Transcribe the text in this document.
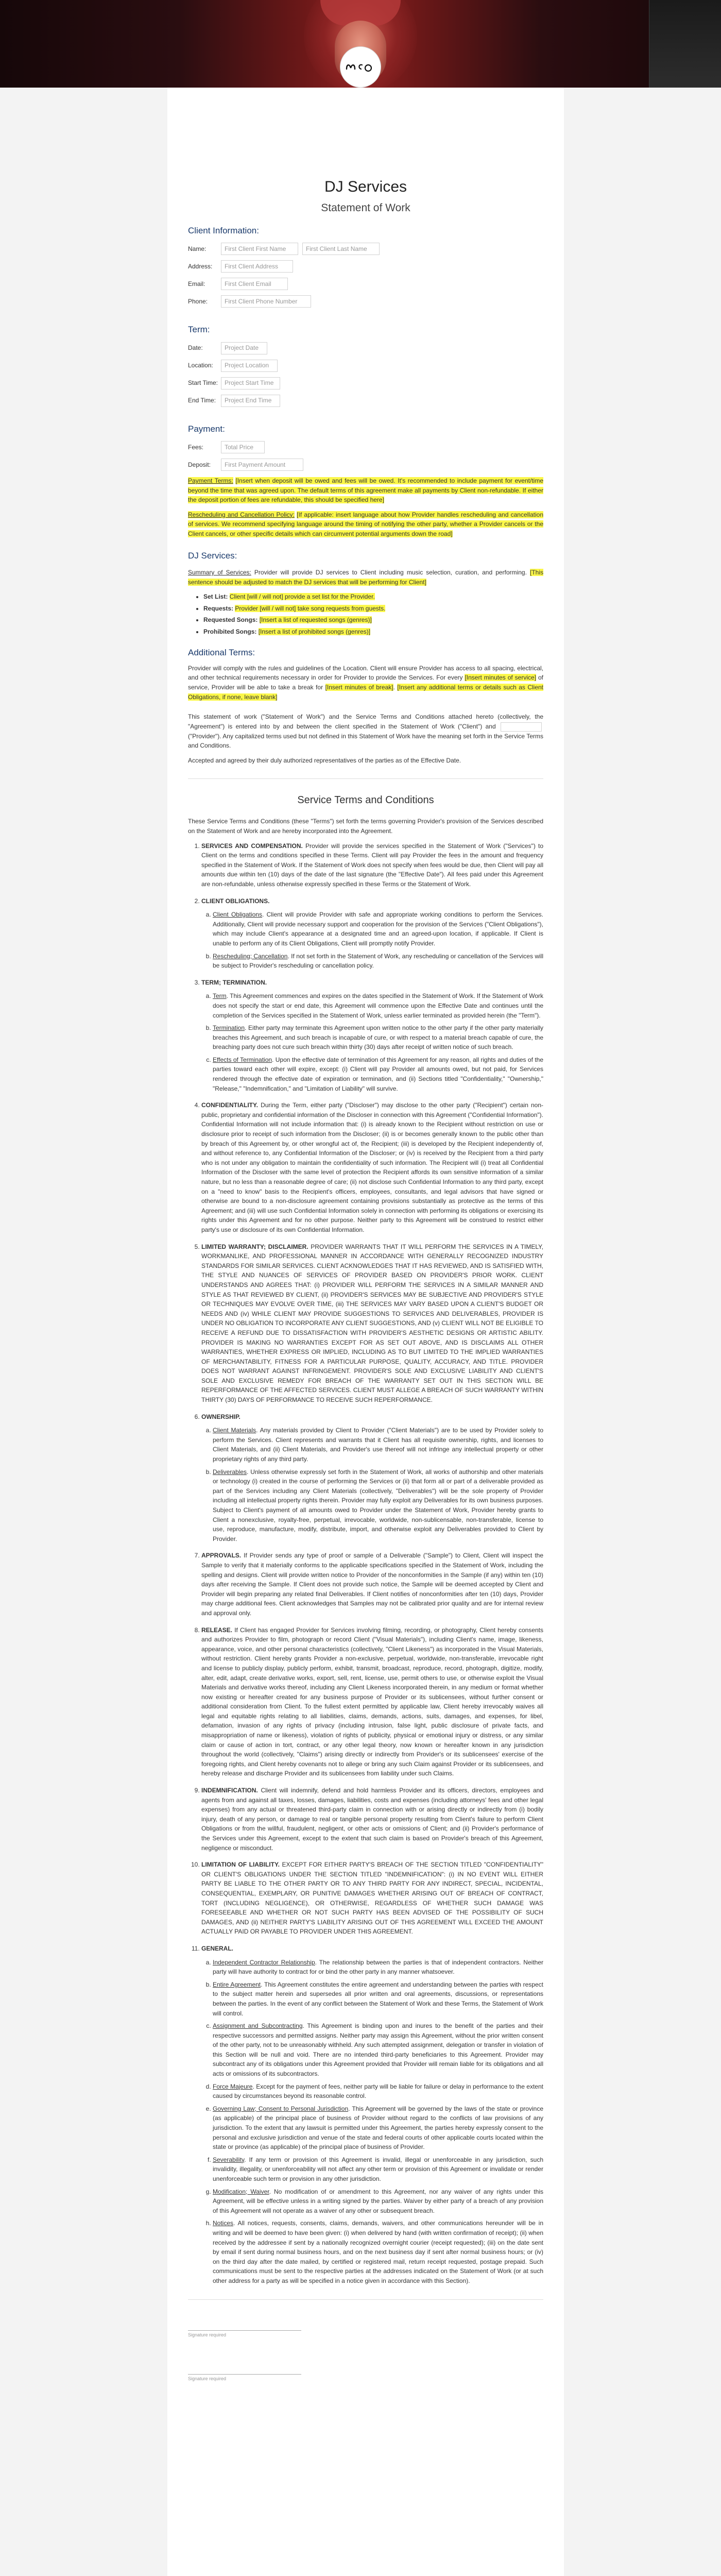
DJ Services
Statement of Work
Client Information:
Name:	First Client First Name	First Client Last Name
Address:	First Client Address
Email:	First Client Email
Phone:	First Client Phone Number
Term:
Date:	Project Date
Location:	Project Location
Start Time:	Project Start Time
End Time:	Project End Time
Payment:
Fees:	Total Price
Deposit:	First Payment Amount

Payment Terms: [Insert when deposit will be owed and fees will be owed. It's recommended to include payment for event/time beyond the time that was agreed upon. The default terms of this agreement make all payments by Client non-refundable. If either the deposit portion of fees are refundable, this should be specified here]

Rescheduling and Cancellation Policy: [If applicable: insert language about how Provider handles rescheduling and cancellation of services. We recommend specifying language around the timing of notifying the other party, whether a Provider cancels or the Client cancels, or other specific details which can circumvent potential arguments down the road]

DJ Services:

Summary of Services: Provider will provide DJ services to Client including music selection, curation, and performing. [This sentence should be adjusted to match the DJ services that will be performing for Client]

• Set List: Client [will / will not] provide a set list for the Provider.
• Requests: Provider [will / will not] take song requests from guests.
• Requested Songs: [Insert a list of requested songs (genres)]
• Prohibited Songs: [Insert a list of prohibited songs (genres)]
Additional Terms:

Provider will comply with the rules and guidelines of the Location. Client will ensure Provider has access to all spacing, electrical, and other technical requirements necessary in order for Provider to provide the Services. For every [Insert minutes of service] of service, Provider will be able to take a break for [Insert minutes of break]. [Insert any additional terms or details such as Client Obligations, if none, leave blank]

This statement of work ("Statement of Work") and the Service Terms and Conditions attached hereto (collectively, the "Agreement") is entered into by and between the client specified in the Statement of Work ("Client") and  ("Provider"). Any capitalized terms used but not defined in this Statement of Work have the meaning set forth in the Service Terms and Conditions.

Accepted and agreed by their duly authorized representatives of the parties as of the Effective Date.

Service Terms and Conditions

These Service Terms and Conditions (these "Terms") set forth the terms governing Provider's provision of the Services described on the Statement of Work and are hereby incorporated into the Agreement.

1. SERVICES AND COMPENSATION. Provider will provide the services specified in the Statement of Work ("Services") to Client on the terms and conditions specified in these Terms. Client will pay Provider the fees in the amount and frequency specified in the Statement of Work. If the Statement of Work does not specify when fees would be due, then Client will pay all amounts due within ten (10) days of the date of the last signature (the "Effective Date"). All fees paid under this Agreement are non-refundable, unless otherwise expressly specified in these Terms or the Statement of Work.
2. CLIENT OBLIGATIONS.
a. Client Obligations. Client will provide Provider with safe and appropriate working conditions to perform the Services. Additionally, Client will provide necessary support and cooperation for the provision of the Services ("Client Obligations"), which may include Client's appearance at a designated time and an agreed-upon location, if applicable. If Client is unable to perform any of its Client Obligations, Client will promptly notify Provider.
b. Rescheduling; Cancellation. If not set forth in the Statement of Work, any rescheduling or cancellation of the Services will be subject to Provider's rescheduling or cancellation policy.
3. TERM; TERMINATION.
a. Term. This Agreement commences and expires on the dates specified in the Statement of Work. If the Statement of Work does not specify the start or end date, this Agreement will commence upon the Effective Date and continues until the completion of the Services specified in the Statement of Work, unless earlier terminated as provided herein (the "Term").
b. Termination. Either party may terminate this Agreement upon written notice to the other party if the other party materially breaches this Agreement, and such breach is incapable of cure, or with respect to a material breach capable of cure, the breaching party does not cure such breach within thirty (30) days after receipt of written notice of such breach.
c. Effects of Termination. Upon the effective date of termination of this Agreement for any reason, all rights and duties of the parties toward each other will expire, except: (i) Client will pay Provider all amounts owed, but not paid, for Services rendered through the effective date of expiration or termination, and (ii) Sections titled "Confidentiality," "Ownership," "Release," "Indemnification," and "Limitation of Liability" will survive.
4. CONFIDENTIALITY. During the Term, either party ("Discloser") may disclose to the other party ("Recipient") certain non-public, proprietary and confidential information of the Discloser in connection with this Agreement ("Confidential Information"). Confidential Information will not include information that: (i) is already known to the Recipient without restriction on use or disclosure prior to receipt of such information from the Discloser; (ii) is or becomes generally known to the public other than by breach of this Agreement by, or other wrongful act of, the Recipient; (iii) is developed by the Recipient independently of, and without reference to, any Confidential Information of the Discloser; or (iv) is received by the Recipient from a third party who is not under any obligation to maintain the confidentiality of such information. The Recipient will (i) treat all Confidential Information of the Discloser with the same level of protection the Recipient affords its own sensitive information of a similar nature, but no less than a reasonable degree of care; (ii) not disclose such Confidential Information to any third party, except on a "need to know" basis to the Recipient's officers, employees, consultants, and legal advisors that have signed or otherwise are bound to a non-disclosure agreement containing provisions substantially as protective as the terms of this Agreement; and (iii) will use such Confidential Information solely in connection with performing its obligations or exercising its rights under this Agreement and for no other purpose. Neither party to this Agreement will be construed to restrict either party's use or disclosure of its own Confidential Information.
5. LIMITED WARRANTY; DISCLAIMER. PROVIDER WARRANTS THAT IT WILL PERFORM THE SERVICES IN A TIMELY, WORKMANLIKE, AND PROFESSIONAL MANNER IN ACCORDANCE WITH GENERALLY RECOGNIZED INDUSTRY STANDARDS FOR SIMILAR SERVICES. CLIENT ACKNOWLEDGES THAT IT HAS REVIEWED, AND IS SATISFIED WITH, THE STYLE AND NUANCES OF SERVICES OF PROVIDER BASED ON PROVIDER'S PRIOR WORK. CLIENT UNDERSTANDS AND AGREES THAT: (i) PROVIDER WILL PERFORM THE SERVICES IN A SIMILAR MANNER AND STYLE AS THAT REVIEWED BY CLIENT, (ii) PROVIDER'S SERVICES MAY BE SUBJECTIVE AND PROVIDER'S STYLE OR TECHNIQUES MAY EVOLVE OVER TIME, (iii) THE SERVICES MAY VARY BASED UPON A CLIENT'S BUDGET OR NEEDS AND (iv) WHILE CLIENT MAY PROVIDE SUGGESTIONS TO SERVICES AND DELIVERABLES, PROVIDER IS UNDER NO OBLIGATION TO INCORPORATE ANY CLIENT SUGGESTIONS, AND (v) CLIENT WILL NOT BE ELIGIBLE TO RECEIVE A REFUND DUE TO DISSATISFACTION WITH PROVIDER'S AESTHETIC DESIGNS OR ARTISTIC ABILITY. PROVIDER IS MAKING NO WARRANTIES EXCEPT FOR AS SET OUT ABOVE, AND IS DISCLAIMS ALL OTHER WARRANTIES, WHETHER EXPRESS OR IMPLIED, INCLUDING AS TO BUT LIMITED TO THE IMPLIED WARRANTIES OF MERCHANTABILITY, FITNESS FOR A PARTICULAR PURPOSE, QUALITY, ACCURACY, AND TITLE. PROVIDER DOES NOT WARRANT AGAINST INFRINGEMENT. PROVIDER'S SOLE AND EXCLUSIVE LIABILITY AND CLIENT'S SOLE AND EXCLUSIVE REMEDY FOR BREACH OF THE WARRANTY SET OUT IN THIS SECTION WILL BE REPERFORMANCE OF THE AFFECTED SERVICES. CLIENT MUST ALLEGE A BREACH OF SUCH WARRANTY WITHIN THIRTY (30) DAYS OF PERFORMANCE TO RECEIVE SUCH REPERFORMANCE.
6. OWNERSHIP.
a. Client Materials. Any materials provided by Client to Provider ("Client Materials") are to be used by Provider solely to perform the Services. Client represents and warrants that it Client has all requisite ownership, rights, and licenses to Client Materials, and (ii) Client Materials, and Provider's use thereof will not infringe any intellectual property or other proprietary rights of any third party.
b. Deliverables. Unless otherwise expressly set forth in the Statement of Work, all works of authorship and other materials or technology (i) created in the course of performing the Services or (ii) that form all or part of a deliverable provided as part of the Services including any Client Materials (collectively, "Deliverables") will be the sole property of Provider including all intellectual property rights therein. Provider may fully exploit any Deliverables for its own business purposes. Subject to Client's payment of all amounts owed to Provider under the Statement of Work, Provider hereby grants to Client a nonexclusive, royalty-free, perpetual, irrevocable, worldwide, non-sublicensable, non-transferable, license to use, reproduce, manufacture, modify, distribute, import, and otherwise exploit any Deliverables provided to Client by Provider.
7. APPROVALS. If Provider sends any type of proof or sample of a Deliverable ("Sample") to Client, Client will inspect the Sample to verify that it materially conforms to the applicable specifications specified in the Statement of Work, including the spelling and designs. Client will provide written notice to Provider of the nonconformities in the Sample (if any) within ten (10) days after receiving the Sample. If Client does not provide such notice, the Sample will be deemed accepted by Client and Provider will begin preparing any related final Deliverables. If Client notifies of nonconformities after ten (10) days, Provider may charge additional fees. Client acknowledges that Samples may not be calibrated prior quality and are for internal review and approval only.
8. RELEASE. If Client has engaged Provider for Services involving filming, recording, or photography, Client hereby consents and authorizes Provider to film, photograph or record Client ("Visual Materials"), including Client's name, image, likeness, appearance, voice, and other personal characteristics (collectively, "Client Likeness") as incorporated in the Visual Materials, without restriction. Client hereby grants Provider a non-exclusive, perpetual, worldwide, non-transferable, irrevocable right and license to publicly display, publicly perform, exhibit, transmit, broadcast, reproduce, record, photograph, digitize, modify, alter, edit, adapt, create derivative works, export, sell, rent, license, use, permit others to use, or otherwise exploit the Visual Materials and derivative works thereof, including any Client Likeness incorporated therein, in any medium or format whether now existing or hereafter created for any business purpose of Provider or its sublicensees, without further consent or additional consideration from Client. To the fullest extent permitted by applicable law, Client hereby irrevocably waives all legal and equitable rights relating to all liabilities, claims, demands, actions, suits, damages, and expenses, for libel, defamation, invasion of any rights of privacy (including intrusion, false light, public disclosure of private facts, and misappropriation of name or likeness), violation of rights of publicity, physical or emotional injury or distress, or any similar claim or cause of action in tort, contract, or any other legal theory, now known or hereafter known in any jurisdiction throughout the world (collectively, "Claims") arising directly or indirectly from Provider's or its sublicensees' exercise of the foregoing rights, and Client hereby covenants not to allege or bring any such Claim against Provider or its sublicensees, and hereby release and discharge Provider and its sublicensees from liability under such Claims.
9. INDEMNIFICATION. Client will indemnify, defend and hold harmless Provider and its officers, directors, employees and agents from and against all taxes, losses, damages, liabilities, costs and expenses (including attorneys' fees and other legal expenses) from any actual or threatened third-party claim in connection with or arising directly or indirectly from (i) bodily injury, death of any person, or damage to real or tangible personal property resulting from Client's failure to perform Client Obligations or from the willful, fraudulent, negligent, or other acts or omissions of Client; and (ii) Provider's performance of the Services under this Agreement, except to the extent that such claim is based on Provider's breach of this Agreement, negligence or misconduct.
10. LIMITATION OF LIABILITY. EXCEPT FOR EITHER PARTY'S BREACH OF THE SECTION TITLED "CONFIDENTIALITY" OR CLIENT'S OBLIGATIONS UNDER THE SECTION TITLED "INDEMNIFICATION": (i) IN NO EVENT WILL EITHER PARTY BE LIABLE TO THE OTHER PARTY OR TO ANY THIRD PARTY FOR ANY INDIRECT, SPECIAL, INCIDENTAL, CONSEQUENTIAL, EXEMPLARY, OR PUNITIVE DAMAGES WHETHER ARISING OUT OF BREACH OF CONTRACT, TORT (INCLUDING NEGLIGENCE), OR OTHERWISE, REGARDLESS OF WHETHER SUCH DAMAGE WAS FORESEEABLE AND WHETHER OR NOT SUCH PARTY HAS BEEN ADVISED OF THE POSSIBILITY OF SUCH DAMAGES, AND (ii) NEITHER PARTY'S LIABILITY ARISING OUT OF THIS AGREEMENT WILL EXCEED THE AMOUNT ACTUALLY PAID OR PAYABLE TO PROVIDER UNDER THIS AGREEMENT.
11. GENERAL.
a. Independent Contractor Relationship. The relationship between the parties is that of independent contractors. Neither party will have authority to contract for or bind the other party in any manner whatsoever.
b. Entire Agreement. This Agreement constitutes the entire agreement and understanding between the parties with respect to the subject matter herein and supersedes all prior written and oral agreements, discussions, or representations between the parties. In the event of any conflict between the Statement of Work and these Terms, the Statement of Work will control.
c. Assignment and Subcontracting. This Agreement is binding upon and inures to the benefit of the parties and their respective successors and permitted assigns. Neither party may assign this Agreement, without the prior written consent of the other party, not to be unreasonably withheld. Any such attempted assignment, delegation or transfer in violation of this Section will be null and void. There are no intended third-party beneficiaries to this Agreement. Provider may subcontract any of its obligations under this Agreement provided that Provider will remain liable for its obligations and all acts or omissions of its subcontractors.
d. Force Majeure. Except for the payment of fees, neither party will be liable for failure or delay in performance to the extent caused by circumstances beyond its reasonable control.
e. Governing Law; Consent to Personal Jurisdiction. This Agreement will be governed by the laws of the state or province (as applicable) of the principal place of business of Provider without regard to the conflicts of law provisions of any jurisdiction. To the extent that any lawsuit is permitted under this Agreement, the parties hereby expressly consent to the personal and exclusive jurisdiction and venue of the state and federal courts of other applicable courts located within the state or province (as applicable) of the principal place of business of Provider.
f. Severability. If any term or provision of this Agreement is invalid, illegal or unenforceable in any jurisdiction, such invalidity, illegality, or unenforceability will not affect any other term or provision of this Agreement or invalidate or render unenforceable such term or provision in any other jurisdiction.
g. Modification; Waiver. No modification of or amendment to this Agreement, nor any waiver of any rights under this Agreement, will be effective unless in a writing signed by the parties. Waiver by either party of a breach of any provision of this Agreement will not operate as a waiver of any other or subsequent breach.
h. Notices. All notices, requests, consents, claims, demands, waivers, and other communications hereunder will be in writing and will be deemed to have been given: (i) when delivered by hand (with written confirmation of receipt); (ii) when received by the addressee if sent by a nationally recognized overnight courier (receipt requested); (iii) on the date sent by email if sent during normal business hours, and on the next business day if sent after normal business hours; or (iv) on the third day after the date mailed, by certified or registered mail, return receipt requested, postage prepaid. Such communications must be sent to the respective parties at the addresses indicated on the Statement of Work (or at such other address for a party as will be specified in a notice given in accordance with this Section).
Signature required
Signature required
